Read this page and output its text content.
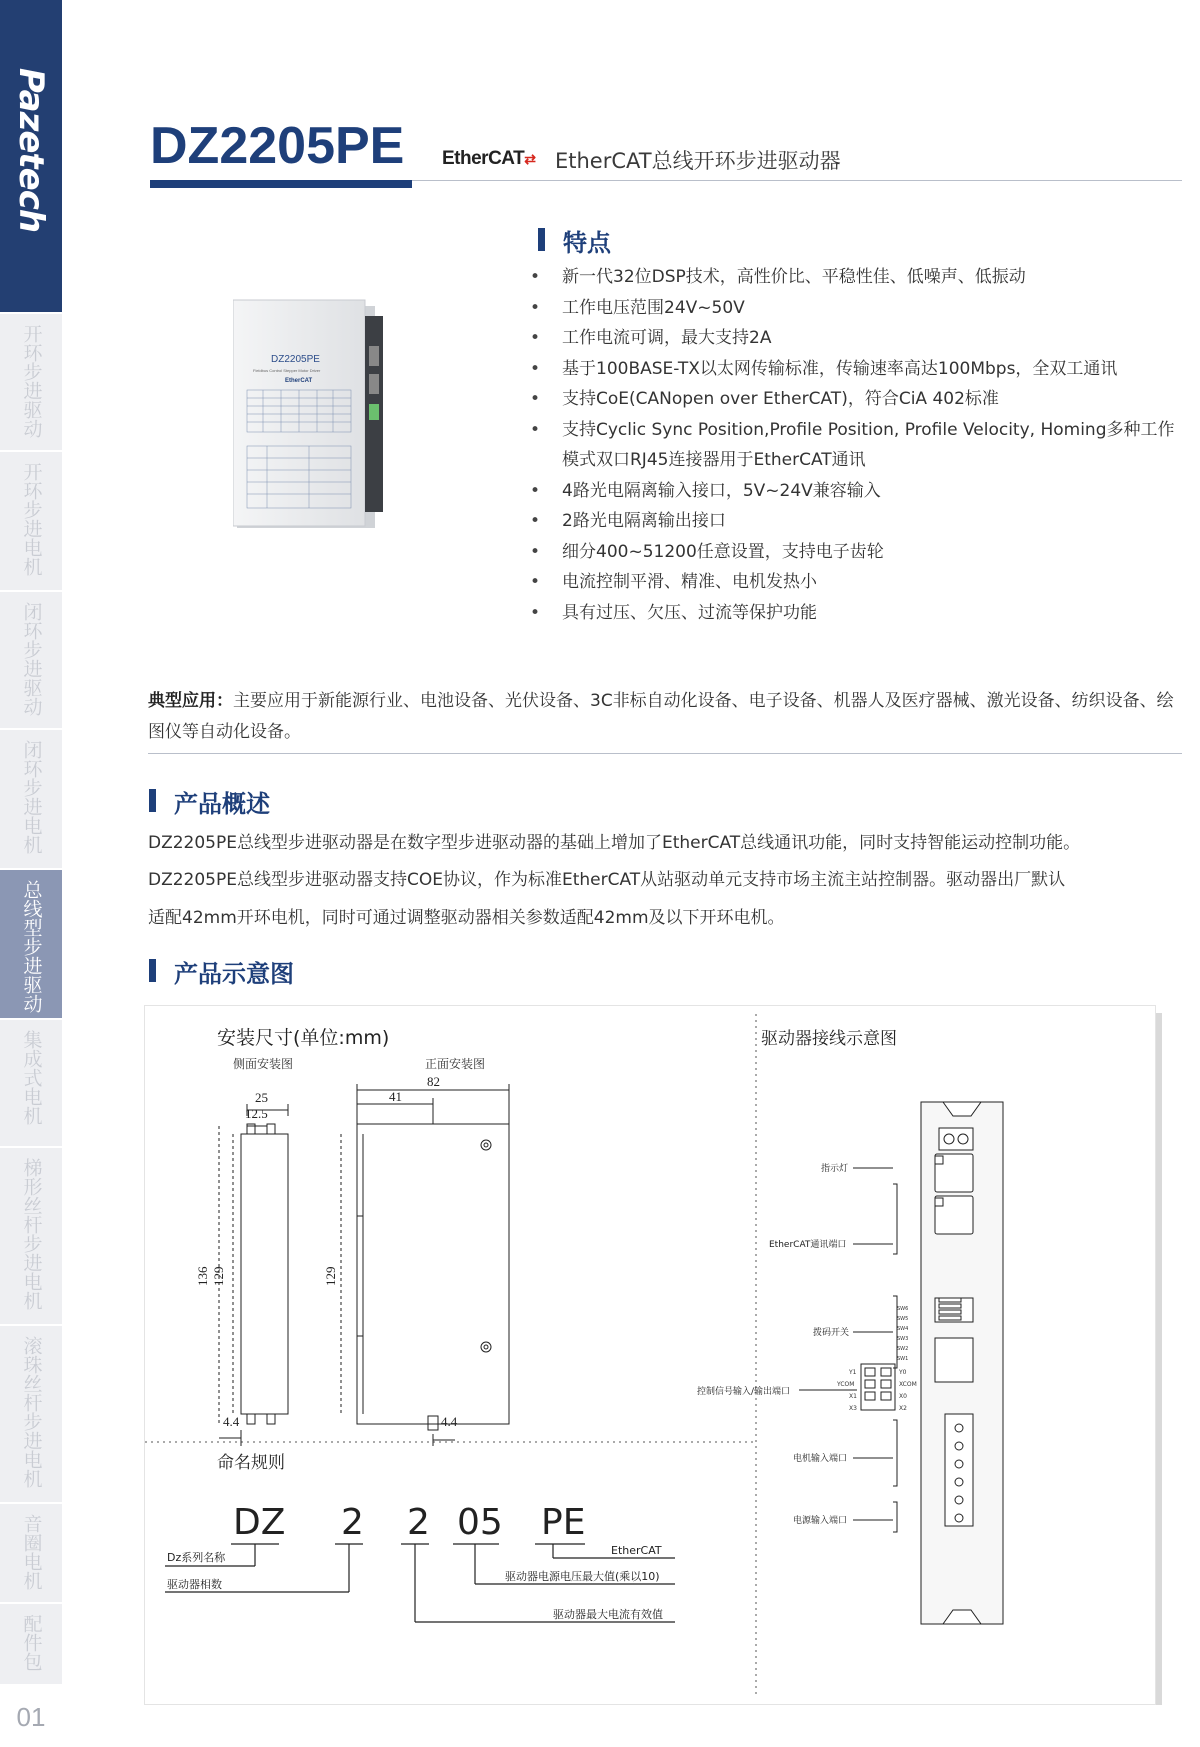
Pazetech
开环步进驱动
开环步进电机
闭环步进驱动
闭环步进电机
总线型步进驱动
集成式电机
梯形丝杆步进电机
滚珠丝杆步进电机
音圈电机
配件包
01
DZ2205PE EtherCAT⇄ EtherCAT总线开环步进驱动器
特点
• 新一代32位DSP技术，高性价比、平稳性佳、低噪声、低振动
• 工作电压范围24V~50V
• 工作电流可调，最大支持2A
• 基于100BASE-TX以太网传输标准，传输速率高达100Mbps，全双工通讯
• 支持CoE(CANopen over EtherCAT)，符合CiA 402标准
• 支持Cyclic Sync Position,Profile Position, Profile Velocity, Homing多种工作模式双口RJ45连接器用于EtherCAT通讯
• 4路光电隔离输入接口，5V~24V兼容输入
• 2路光电隔离输出接口
• 细分400~51200任意设置，支持电子齿轮
• 电流控制平滑、精准、电机发热小
• 具有过压、欠压、过流等保护功能
DZ2205PE
Fieldbus Control Stepper Motor Driver
EtherCAT
典型应用：主要应用于新能源行业、电池设备、光伏设备、3C非标自动化设备、电子设备、机器人及医疗器械、激光设备、纺织设备、绘图仪等自动化设备。
产品概述
DZ2205PE总线型步进驱动器是在数字型步进驱动器的基础上增加了EtherCAT总线通讯功能，同时支持智能运动控制功能。
DZ2205PE总线型步进驱动器支持COE协议，作为标准EtherCAT从站驱动单元支持市场主流主站控制器。驱动器出厂默认
适配42mm开环电机，同时可通过调整驱动器相关参数适配42mm及以下开环电机。
产品示意图
安装尺寸(单位:mm)
侧面安装图	正面安装图
25
12.5
136 129
4.4
82
41
129
4.4
命名规则
DZ 2 2 05 PE
Dz系列名称
驱动器相数
EtherCAT
驱动器电源电压最大值(乘以10)
驱动器最大电流有效值
驱动器接线示意图
SW6
SW5
SW4
SW3
SW2
SW1
Y1
YCOM
X1
X3
Y0
XCOM
X0
X2
指示灯
EtherCAT通讯端口
拨码开关
控制信号输入/输出端口
电机输入端口
电源输入端口
